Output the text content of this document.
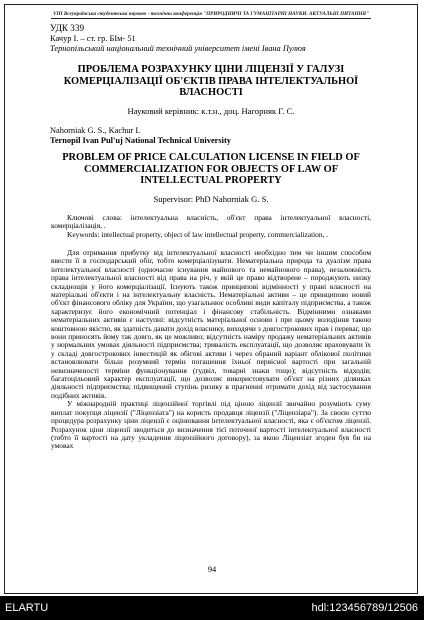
VIII Всеукраїнська студентська науково - технічна конференція "ПРИРОДНИЧІ ТА ГУМАНІТАРНІ НАУКИ. АКТУАЛЬНІ ПИТАННЯ"
УДК 339
Качур І. – ст. гр. БІм- 51
Тернопільський національний технічний університет імені Івана Пулюя
ПРОБЛЕМА РОЗРАХУНКУ ЦІНИ ЛІЦЕНЗІЇ У ГАЛУЗІ КОМЕРЦІАЛІЗАЦІЇ ОБ'ЄКТІВ ПРАВА ІНТЕЛЕКТУАЛЬНОЇ ВЛАСНОСТІ
Науковий керівник: к.т.н., доц. Нагорняк Г. С.
Nahorniak G. S., Kachur I.
Ternopil Ivan Pul'uj National Technical University
PROBLEM OF PRICE CALCULATION LICENSE IN FIELD OF COMMERCIALIZATION FOR OBJECTS OF LAW OF INTELLECTUAL PROPERTY
Supervisor: PhD Nahorniak G. S.
Ключові слова: інтелектуальна власність, об'єкт права інтелектуальної власності, комерціалізація, .
Keywords: intellectual property, object of law intellectual property, commercialization, .
Для отримання прибутку від інтелектуальної власності необхідно тим чи іншим способом ввести її в господарський обіг, тобто комерціалізувати. Нематеріальна природа та дуалізм права інтелектуальної власності (одночасне існування майнового та немайнового права), незалежність права інтелектуальної власності від права на річ, у якій це право відтворене – породжують низку складнощів у його комерціалізації. Існують також принципові відмінності у праві власності на матеріальні об'єкти і на інтелектуальну власність. Нематеріальні активи – це принципово новий об'єкт фінансового обліку для України, що узагальнює особливі види капіталу підприємства, а також характеризує його економічний потенціал і фінансову стабільність. Відмінними ознаками нематеріальних активів є наступні: відсутність матеріальної основи і при цьому володіння такою коштовною якістю, як здатність давати дохід власнику, виходячи з довгострокових прав і переваг, що вони приносять йому так довго, як це можливо; відсутність наміру продажу нематеріальних активів у нормальних умовах діяльності підприємства; тривалість експлуатації, що дозволяє враховувати їх у складі довгострокових інвестицій як обігові активи і через обраний варіант облікової політики встановлювати більш розумний термін погашення їхньої первісної вартості при загальній невизначеності терміни функціонування (гудвіл, товарні знаки тощо); відсутність відходів; багатоцільовий характер експлуатації, що дозволяє використовувати об'єкт на різних ділянках діяльності підприємства; підвищений ступінь ризику в прагненні отримати дохід від застосування подібних активів.
У міжнародній практиці ліцензійної торгівлі під ціною ліцензії звичайно розуміють суму виплат покупця ліцензії ("Ліцензіата") на користь продавця ліцензії ("Ліцензіара"). За своєю суттю процедура розрахунку ціни ліцензії є оцінювання інтелектуальної власності, яка є об'єктом ліцензії. Розрахунок ціни ліцензії зводиться до визначення тієї поточної вартості інтелектуальної власності (тобто її вартості на дату укладення ліцензійного договору), за якою Ліцензіат згоден був би на умовах
94
ELARTU	hdl:123456789/12506
